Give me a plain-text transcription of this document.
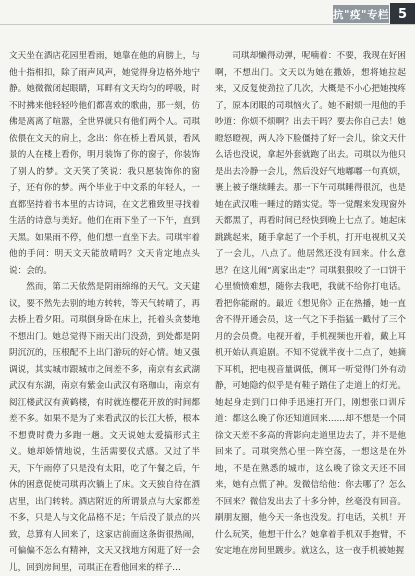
抗"疫"专栏 5

文天坐在酒店花园里看雨，她靠在他的肩膀上，与他十指相扣，除了雨声风声，她觉得身边格外地宁静。她微微闭起眼睛，耳畔有文天均匀的呼吸，时不时拂来他轻轻吟他们都喜欢的歌曲，那一刻，仿佛是离离了喧嚣，全世界就只有他们两个人。司琪依偎在文天的肩上，念出：你在桥上看风景，看风景的人在楼上看你，明月装饰了你的窗子，你装饰了别人的梦。文天笑了笑说：我只愿装饰你的窗子，还有你的梦。两个毕业于中文系的年轻人，一直都坚持着书本里的古诗词，在文艺雅致里寻找着生活的诗意与美好。他们在雨下坐了一下午，直到天黑。如果雨不停，他们想一直坐下去。司琪牢着他的手问：明天文天能放晴吗？文天肯定地点头说：会的。

然而，第二天依然是阴雨绵绵的天气。文天建议，要不然先去别的地方转转，等天气转晴了，再去桥上看夕阳。司琪倒身卧在床上，托着头贪婪地不想出门。她总觉得下雨天出门没劲，到处都是阴阴沉沉的，压根配不上出门游玩的好心情。她又强调说，其实城市跟城市之间差不多，南京有玄武湖武汉有东湖，南京有紫金山武汉有珞珈山，南京有阅江楼武汉有黄鹤楼，有时就连樱花开放的时间都差不多。如果不是为了来看武汉的长江大桥，根本不想费时费力多跑一趟。文天说她太爱搞形式主义。她却娇情地说，生活需要仪式感。又过了半天，下午雨停了只是没有太阳，吃了午餐之后，午休的困意促使司琪再次躺上了床。文天独自待在酒店里，出门转转。酒店附近的所谓景点与大家都差不多，只是人与文化品格不足；午后没了景点的兴致，总算有人回来了，这家店前面这条街很热闹，可偏偏不怎么有精神，文天又找地方闲逛了好一会儿，回到房间里，司琪正在看他回来的样子…

司琪却懒得动弹，呢喃着：不要，我现在好困啊，不想出门。文天以为她在撒娇，想将她拉起来，又反复使劲拉了几次，大概是不小心把她拽疼了，原本闭眼的司琪恼火了。她不耐烦一甩他的手吵道：你烦不烦啊？出去干吗？要去你自己去！她瞪怒瞪视，两人冷下脸僵持了好一会儿，徐文天什么话也没说，拿起外套就跑了出去。司琪以为他只是出去冷静一会儿，然后没好气地嘟嘟一句真烦，裹上被子继续睡去。那一下午司琪睡得很沉，也是她在武汉唯一睡过的踏实觉。等一觉醒来发现窗外天都黑了，再看时间已经快到晚上七点了。她起床跳跳起来，随手拿起了一个手机，打开电视机又关了一会儿，八点了。他居然还没有回来。什么意思？在这儿闹“离家出走”？司琪狠狠咬了一口饼干心里愤愤难想，随你去我吧，我就不给你打电话。看把你能耐的。最近《想见你》正在热播，她一直舍不得开通会员，这一气之下手指猛一戳付了三个月的会员费。电视开着，手机视频也开着，戴上耳机开始认真追剧。不知不觉就半夜十二点了，她摘下耳机，把电视音量调低，侧耳一听觉得门外有动静，可她隐约似乎是有鞋子踏住了走道上的灯光。她起身走到门口伸手迅速打开门，刚想张口训斥道：都这么晚了你还知道回来……却不想是一个同徐文天差不多高的背影向走道里边去了，并不是他回来了。司琪突然心里一阵空荡，一想这是在外地，不是在熟悉的城市，这么晚了徐文天还不回来，她有点慌了神。发微信给他：你去哪了？怎么不回来？微信发出去了十多分钟，丝毫没有回音。刷朋友圈，他今天一条也没发。打电话，关机！开什么玩笑，他想干什么？她拿着手机双手抱臂，不安定地在房间里踱步。就这么，这一夜手机被她握
